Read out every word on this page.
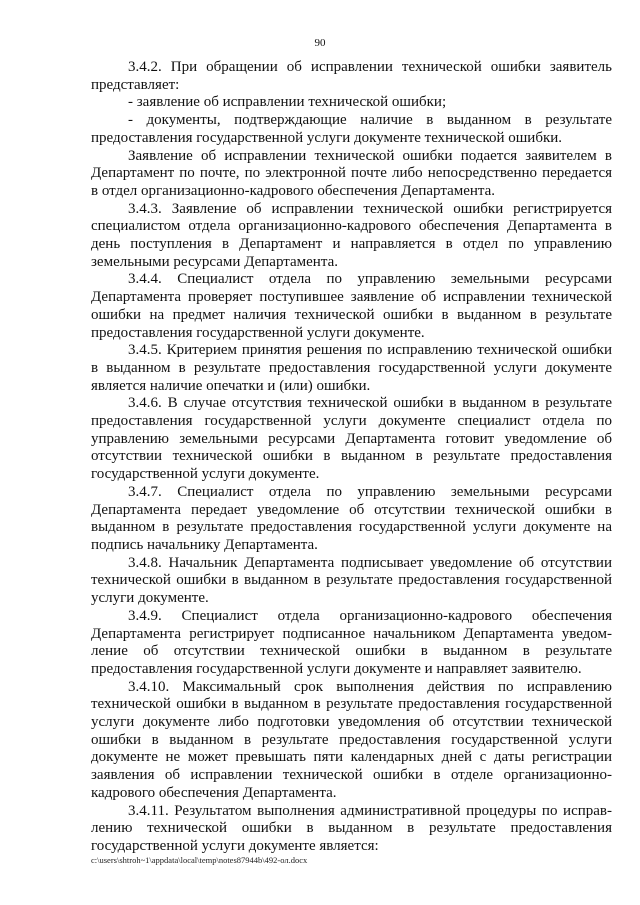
90

3.4.2. При обращении об исправлении технической ошибки заявитель представляет:

- заявление об исправлении технической ошибки;

- документы, подтверждающие наличие в выданном в результате предоставления государственной услуги документе технической ошибки.

Заявление об исправлении технической ошибки подается заявителем в Департамент по почте, по электронной почте либо непосредственно передается в отдел организационно-кадрового обеспечения Департамента.

3.4.3. Заявление об исправлении технической ошибки регистрируется специалистом отдела организационно-кадрового обеспечения Департамента в день поступления в Департамент и направляется в отдел по управлению земельными ресурсами Департамента.

3.4.4. Специалист отдела по управлению земельными ресурсами Департамента проверяет поступившее заявление об исправлении технической ошибки на предмет наличия технической ошибки в выданном в результате предоставления государственной услуги документе.

3.4.5. Критерием принятия решения по исправлению технической ошибки в выданном в результате предоставления государственной услуги документе является наличие опечатки и (или) ошибки.

3.4.6. В случае отсутствия технической ошибки в выданном в результате предоставления государственной услуги документе специалист отдела по управлению земельными ресурсами Департамента готовит уведомление об отсутствии технической ошибки в выданном в результате предоставления государственной услуги документе.

3.4.7. Специалист отдела по управлению земельными ресурсами Департамента передает уведомление об отсутствии технической ошибки в выданном в результате предоставления государственной услуги документе на подпись начальнику Департамента.

3.4.8. Начальник Департамента подписывает уведомление об отсутствии технической ошибки в выданном в результате предоставления государственной услуги документе.

3.4.9. Специалист отдела организационно-кадрового обеспечения Департамента регистрирует подписанное начальником Департамента уведомление об отсутствии технической ошибки в выданном в результате предоставления государственной услуги документе и направляет заявителю.

3.4.10. Максимальный срок выполнения действия по исправлению технической ошибки в выданном в результате предоставления государственной услуги документе либо подготовки уведомления об отсутствии технической ошибки в выданном в результате предоставления государственной услуги документе не может превышать пяти календарных дней с даты регистрации заявления об исправлении технической ошибки в отделе организационно-кадрового обеспечения Департамента.

3.4.11. Результатом выполнения административной процедуры по исправлению технической ошибки в выданном в результате предоставления государственной услуги документе является:

c:\users\shtroh~1\appdata\local\temp\notes87944b\492-ол.docx
